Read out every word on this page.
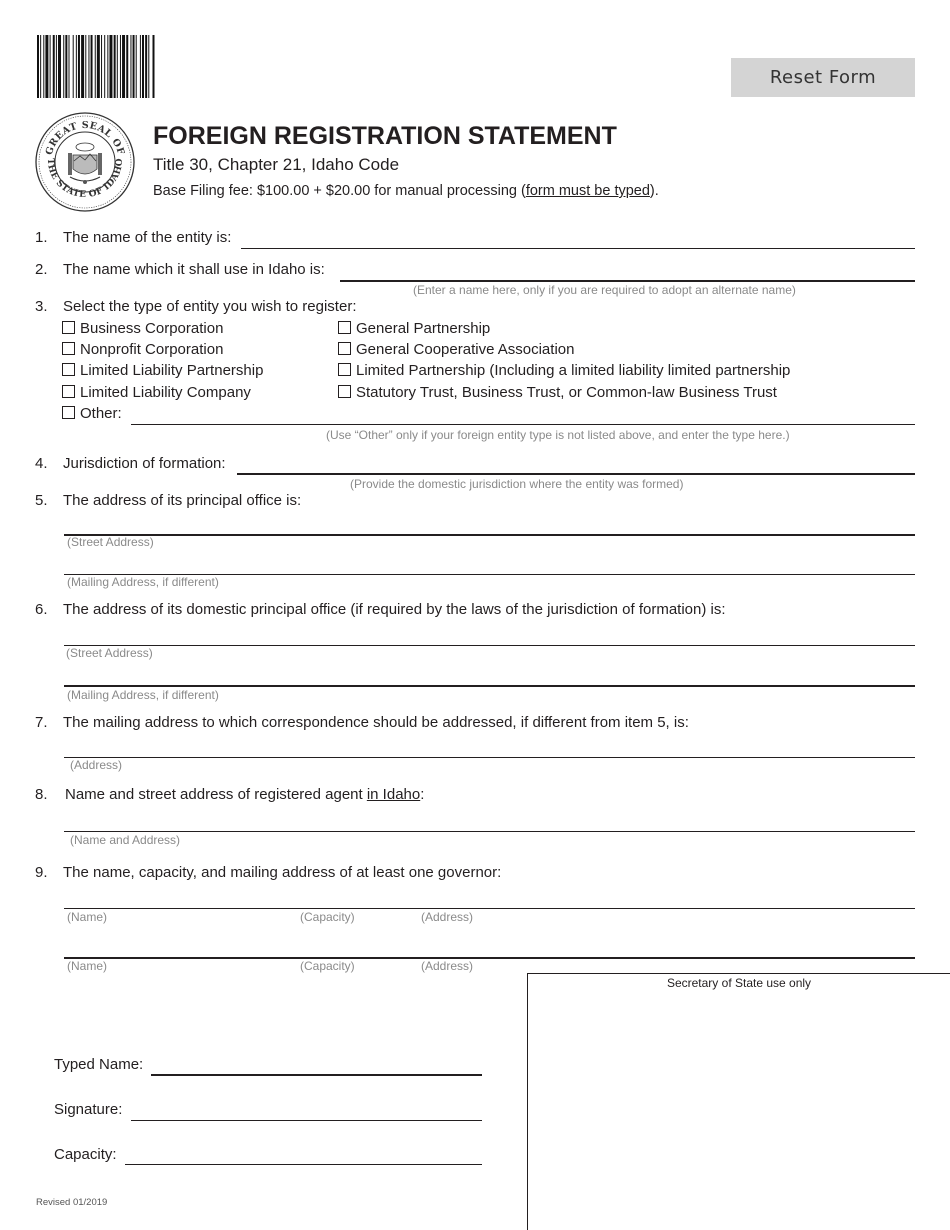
Reset Form
GREAT SEAL OF
THE STATE OF IDAHO
FOREIGN REGISTRATION STATEMENT
Title 30, Chapter 21, Idaho Code
Base Filing fee: $100.00 + $20.00 for manual processing (form must be typed).
1. The name of the entity is:
2. The name which it shall use in Idaho is:
(Enter a name here, only if you are required to adopt an alternate name)
3. Select the type of entity you wish to register:
Business Corporation
Nonprofit Corporation
Limited Liability Partnership
Limited Liability Company
Other:
General Partnership
General Cooperative Association
Limited Partnership (Including a limited liability limited partnership
Statutory Trust, Business Trust, or Common-law Business Trust
(Use “Other” only if your foreign entity type is not listed above, and enter the type here.)
4. Jurisdiction of formation:
(Provide the domestic jurisdiction where the entity was formed)
5. The address of its principal office is:
(Street Address)
(Mailing Address, if different)
6. The address of its domestic principal office (if required by the laws of the jurisdiction of formation) is:
(Street Address)
(Mailing Address, if different)
7. The mailing address to which correspondence should be addressed, if different from item 5, is:
(Address)
8. Name and street address of registered agent in Idaho:
(Name and Address)
9. The name, capacity, and mailing address of at least one governor:
(Name)	(Capacity)	(Address)
(Name)	(Capacity)	(Address)
Secretary of State use only
Typed Name:
Signature:
Capacity:
Revised 01/2019
